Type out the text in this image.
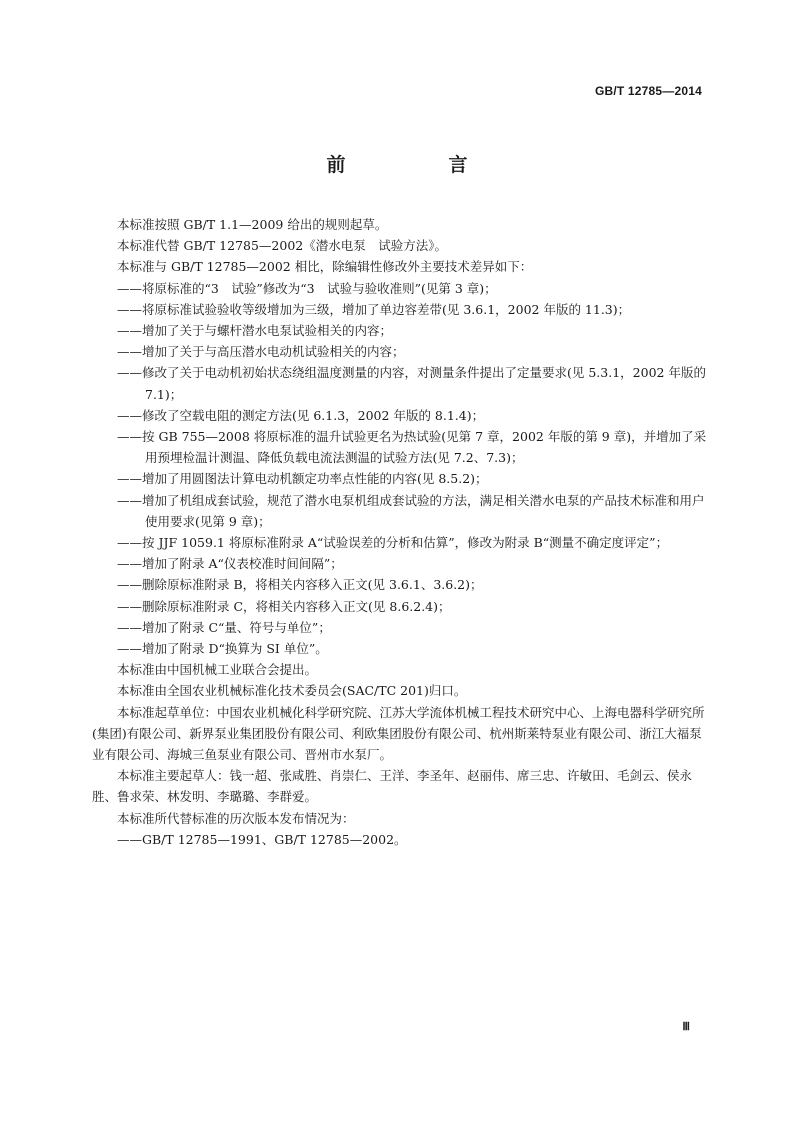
GB/T 12785—2014
前　言

本标准按照 GB/T 1.1—2009 给出的规则起草。

本标准代替 GB/T 12785—2002《潜水电泵　试验方法》。

本标准与 GB/T 12785—2002 相比，除编辑性修改外主要技术差异如下：

——将原标准的“3　试验”修改为“3　试验与验收准则”(见第 3 章)；

——将原标准试验验收等级增加为三级，增加了单边容差带(见 3.6.1，2002 年版的 11.3)；

——增加了关于与螺杆潜水电泵试验相关的内容；

——增加了关于与高压潜水电动机试验相关的内容；

——修改了关于电动机初始状态绕组温度测量的内容，对测量条件提出了定量要求(见 5.3.1，2002 年版的 7.1)；

——修改了空载电阻的测定方法(见 6.1.3，2002 年版的 8.1.4)；

——按 GB 755—2008 将原标准的温升试验更名为热试验(见第 7 章，2002 年版的第 9 章)，并增加了采用预埋检温计测温、降低负载电流法测温的试验方法(见 7.2、7.3)；

——增加了用圆图法计算电动机额定功率点性能的内容(见 8.5.2)；

——增加了机组成套试验，规范了潜水电泵机组成套试验的方法，满足相关潜水电泵的产品技术标准和用户使用要求(见第 9 章)；

——按 JJF 1059.1 将原标准附录 A“试验误差的分析和估算”，修改为附录 B“测量不确定度评定”；

——增加了附录 A“仪表校准时间间隔”；

——删除原标准附录 B，将相关内容移入正文(见 3.6.1、3.6.2)；

——删除原标准附录 C，将相关内容移入正文(见 8.6.2.4)；

——增加了附录 C“量、符号与单位”；

——增加了附录 D“换算为 SI 单位”。

本标准由中国机械工业联合会提出。

本标准由全国农业机械标准化技术委员会(SAC/TC 201)归口。

本标准起草单位：中国农业机械化科学研究院、江苏大学流体机械工程技术研究中心、上海电器科学研究所(集团)有限公司、新界泵业集团股份有限公司、利欧集团股份有限公司、杭州斯莱特泵业有限公司、浙江大福泵业有限公司、海城三鱼泵业有限公司、晋州市水泵厂。

本标准主要起草人：钱一超、张咸胜、肖崇仁、王洋、李圣年、赵丽伟、席三忠、许敏田、毛剑云、侯永胜、鲁求荣、林发明、李璐璐、李群爱。

本标准所代替标准的历次版本发布情况为：

——GB/T 12785—1991、GB/T 12785—2002。

Ⅲ
